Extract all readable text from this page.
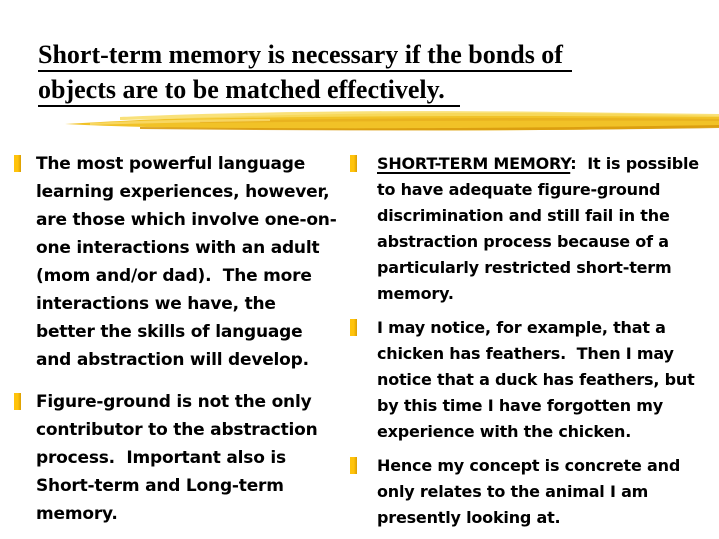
Short-term memory is necessary if the bonds of
objects are to be matched effectively.
The most powerful language learning experiences, however, are those which involve one-on-one interactions with an adult (mom and/or dad).  The more interactions we have, the better the skills of language and abstraction will develop.
Figure-ground is not the only contributor to the abstraction process.  Important also is Short-term and Long-term memory.
SHORT-TERM MEMORY:  It is possible to have adequate figure-ground discrimination and still fail in the abstraction process because of a particularly restricted short-term memory.
I may notice, for example, that a chicken has feathers.  Then I may notice that a duck has feathers, but by this time I have forgotten my experience with the chicken.
Hence my concept is concrete and only relates to the animal I am presently looking at.
